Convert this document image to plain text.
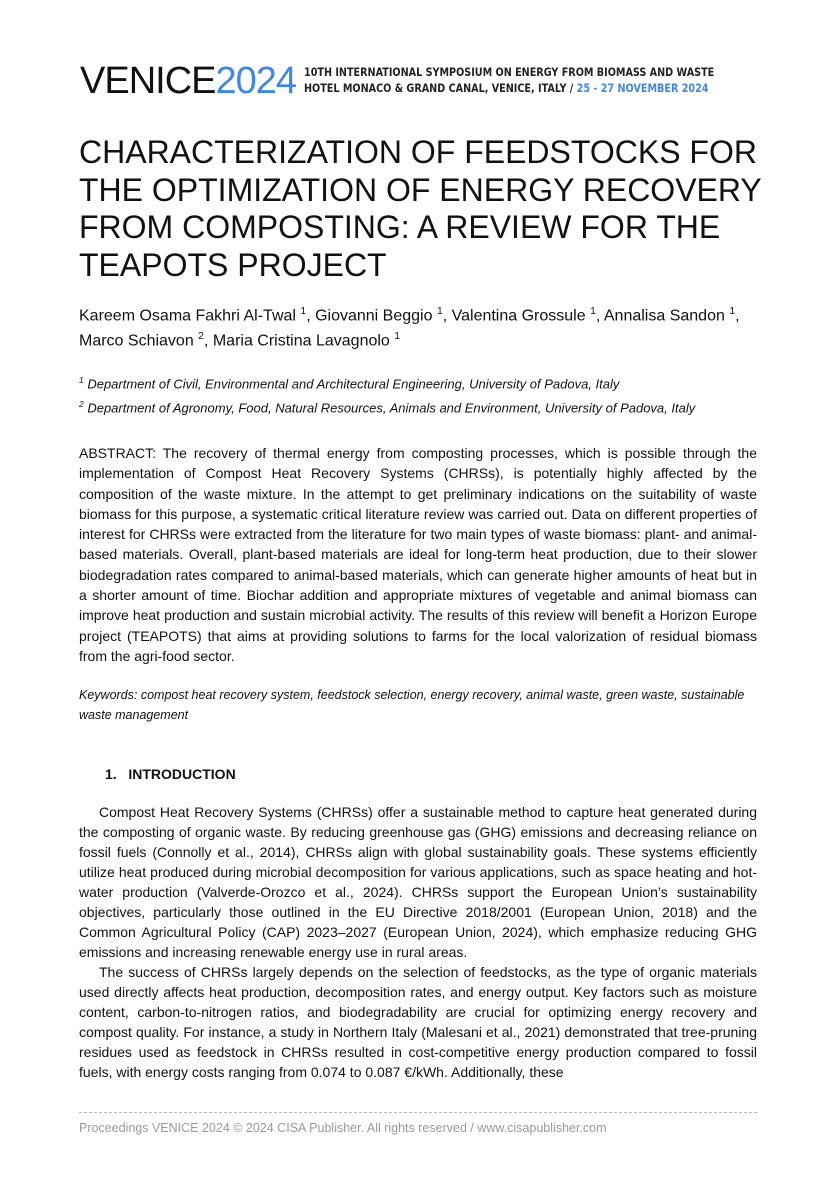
VENICE2024 10TH INTERNATIONAL SYMPOSIUM ON ENERGY FROM BIOMASS AND WASTE
HOTEL MONACO & GRAND CANAL, VENICE, ITALY / 25 - 27 NOVEMBER 2024
CHARACTERIZATION OF FEEDSTOCKS FOR THE OPTIMIZATION OF ENERGY RECOVERY FROM COMPOSTING: A REVIEW FOR THE TEAPOTS PROJECT
Kareem Osama Fakhri Al-Twal $^1$, Giovanni Beggio $^1$, Valentina Grossule $^1$, Annalisa Sandon $^1$, Marco Schiavon $^2$, Maria Cristina Lavagnolo $^1$
$^1$ Department of Civil, Environmental and Architectural Engineering, University of Padova, Italy
$^2$ Department of Agronomy, Food, Natural Resources, Animals and Environment, University of Padova, Italy

ABSTRACT: The recovery of thermal energy from composting processes, which is possible through the implementation of Compost Heat Recovery Systems (CHRSs), is potentially highly affected by the composition of the waste mixture. In the attempt to get preliminary indications on the suitability of waste biomass for this purpose, a systematic critical literature review was carried out. Data on different properties of interest for CHRSs were extracted from the literature for two main types of waste biomass: plant- and animal-based materials. Overall, plant-based materials are ideal for long-term heat production, due to their slower biodegradation rates compared to animal-based materials, which can generate higher amounts of heat but in a shorter amount of time. Biochar addition and appropriate mixtures of vegetable and animal biomass can improve heat production and sustain microbial activity. The results of this review will benefit a Horizon Europe project (TEAPOTS) that aims at providing solutions to farms for the local valorization of residual biomass from the agri-food sector.

Keywords: compost heat recovery system, feedstock selection, energy recovery, animal waste, green waste, sustainable waste management

1. INTRODUCTION

Compost Heat Recovery Systems (CHRSs) offer a sustainable method to capture heat generated during the composting of organic waste. By reducing greenhouse gas (GHG) emissions and decreasing reliance on fossil fuels (Connolly et al., 2014), CHRSs align with global sustainability goals. These systems efficiently utilize heat produced during microbial decomposition for various applications, such as space heating and hot-water production (Valverde-Orozco et al., 2024). CHRSs support the European Union’s sustainability objectives, particularly those outlined in the EU Directive 2018/2001 (European Union, 2018) and the Common Agricultural Policy (CAP) 2023–2027 (European Union, 2024), which emphasize reducing GHG emissions and increasing renewable energy use in rural areas.

The success of CHRSs largely depends on the selection of feedstocks, as the type of organic materials used directly affects heat production, decomposition rates, and energy output. Key factors such as moisture content, carbon-to-nitrogen ratios, and biodegradability are crucial for optimizing energy recovery and compost quality. For instance, a study in Northern Italy (Malesani et al., 2021) demonstrated that tree-pruning residues used as feedstock in CHRSs resulted in cost-competitive energy production compared to fossil fuels, with energy costs ranging from 0.074 to 0.087 €/kWh. Additionally, these

Proceedings VENICE 2024 © 2024 CISA Publisher. All rights reserved / www.cisapublisher.com
